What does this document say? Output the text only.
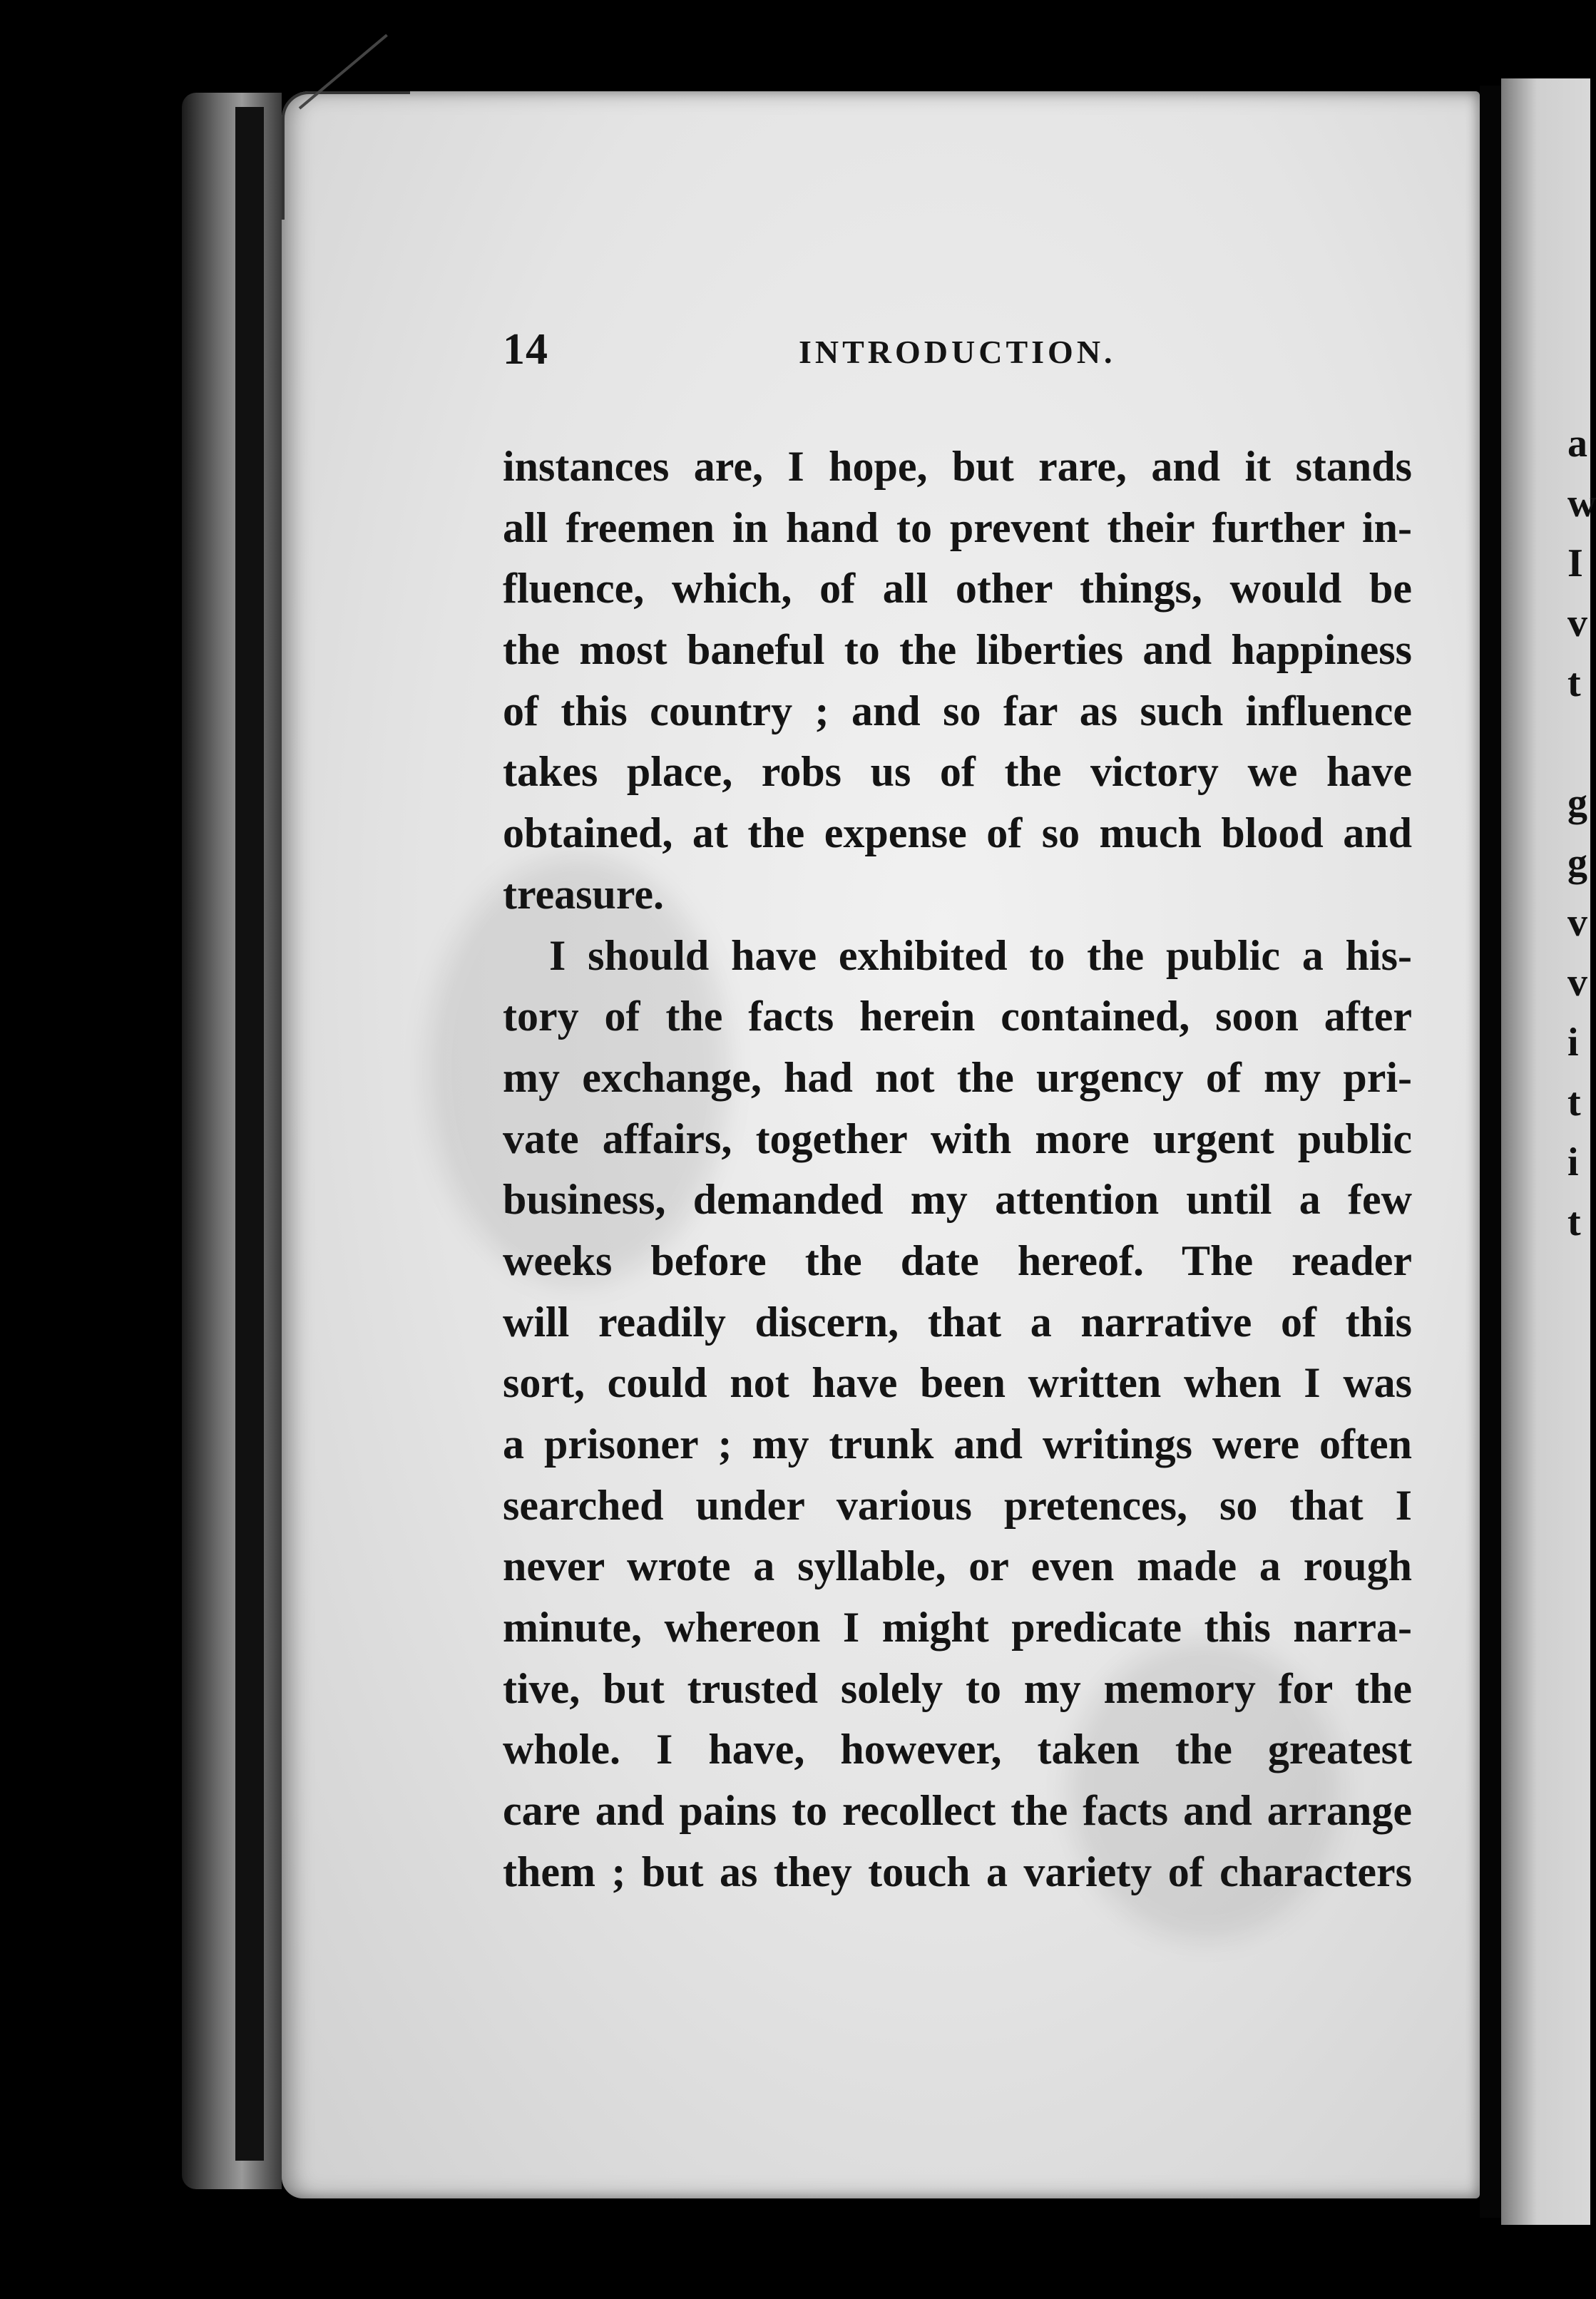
a
w
I
v
t

g
g
v
v
i
t
i
t
14	INTRODUCTION.
instances are, I hope, but rare, and it stands
all freemen in hand to prevent their further in-
fluence, which, of all other things, would be
the most baneful to the liberties and happiness
of this country ; and so far as such influence
takes place, robs us of the victory we have
obtained, at the expense of so much blood and
treasure.
I should have exhibited to the public a his-
tory of the facts herein contained, soon after
my exchange, had not the urgency of my pri-
vate affairs, together with more urgent public
business, demanded my attention until a few
weeks before the date hereof. The reader
will readily discern, that a narrative of this
sort, could not have been written when I was
a prisoner ; my trunk and writings were often
searched under various pretences, so that I
never wrote a syllable, or even made a rough
minute, whereon I might predicate this narra-
tive, but trusted solely to my memory for the
whole. I have, however, taken the greatest
care and pains to recollect the facts and arrange
them ; but as they touch a variety of characters
